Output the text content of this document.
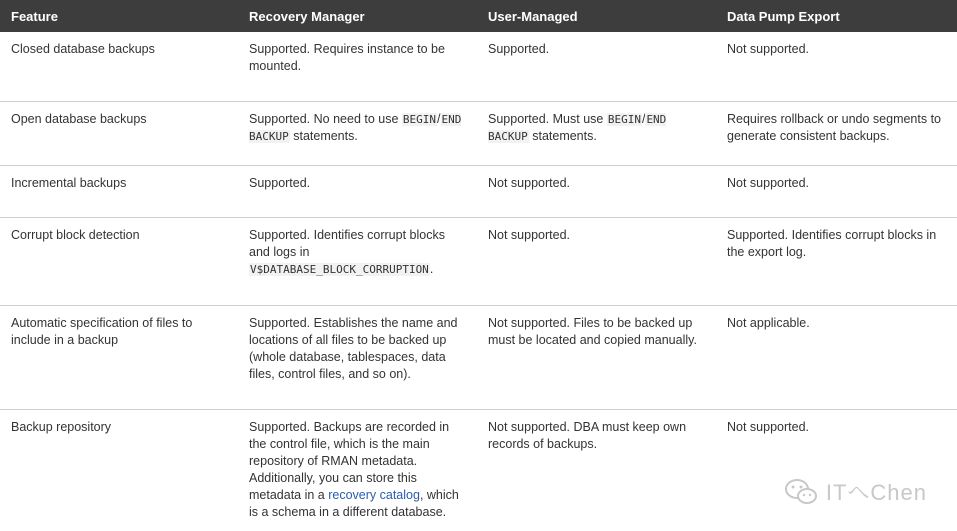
Feature	Recovery Manager	User-Managed	Data Pump Export
Closed database backups	Supported. Requires instance to be mounted.	Supported.	Not supported.
Open database backups	Supported. No need to use BEGIN/END BACKUP statements.	Supported. Must use BEGIN/END BACKUP statements.	Requires rollback or undo segments to generate consistent backups.
Incremental backups	Supported.	Not supported.	Not supported.
Corrupt block detection	Supported. Identifies corrupt blocks and logs in V$DATABASE_BLOCK_CORRUPTION.	Not supported.	Supported. Identifies corrupt blocks in the export log.
Automatic specification of files to include in a backup	Supported. Establishes the name and locations of all files to be backed up (whole database, tablespaces, data files, control files, and so on).	Not supported. Files to be backed up must be located and copied manually.	Not applicable.
Backup repository	Supported. Backups are recorded in the control file, which is the main repository of RMAN metadata. Additionally, you can store this metadata in a recovery catalog, which is a schema in a different database.	Not supported. DBA must keep own records of backups.	Not supported.
ITへChen
